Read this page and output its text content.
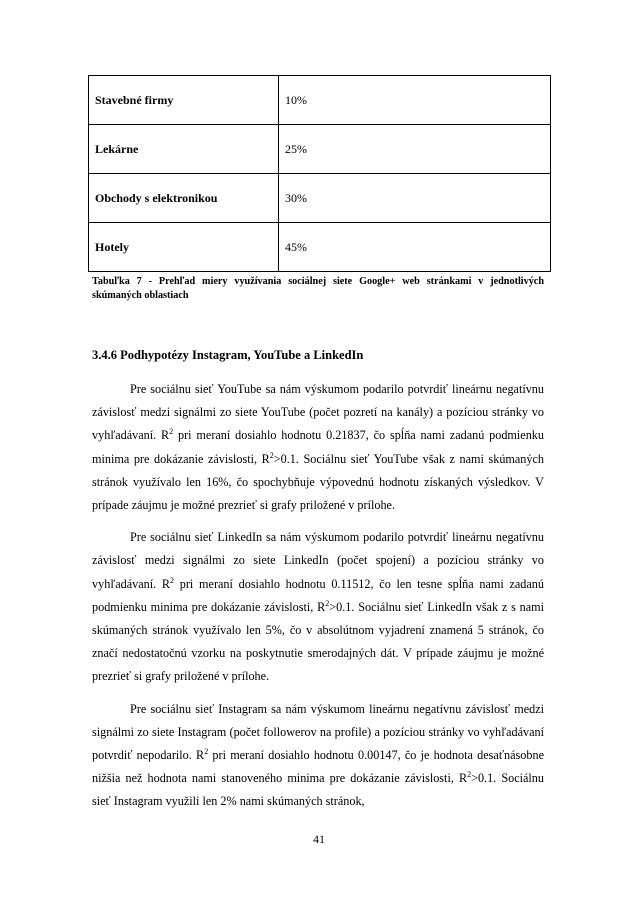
Stavebné firmy	10%
Lekárne	25%
Obchody s elektronikou	30%
Hotely	45%
Tabuľka 7 - Prehľad miery využívania sociálnej siete Google+ web stránkami v jednotlivých skúmaných oblastiach
3.4.6 Podhypotézy Instagram, YouTube a LinkedIn

Pre sociálnu sieť YouTube sa nám výskumom podarilo potvrdiť lineárnu negatívnu závislosť medzi signálmi zo siete YouTube (počet pozretí na kanály) a pozíciou stránky vo vyhľadávaní. $R^2$ pri meraní dosiahlo hodnotu 0.21837, čo spĺňa nami zadanú podmienku minima pre dokázanie závislosti, $R^2>0.1$. Sociálnu sieť YouTube však z nami skúmaných stránok využívalo len 16%, čo spochybňuje výpovednú hodnotu získaných výsledkov. V prípade záujmu je možné prezrieť si grafy priložené v prílohe.

Pre sociálnu sieť LinkedIn sa nám výskumom podarilo potvrdiť lineárnu negatívnu závislosť medzi signálmi zo siete LinkedIn (počet spojení) a pozíciou stránky vo vyhľadávaní. $R^2$ pri meraní dosiahlo hodnotu 0.11512, čo len tesne spĺňa nami zadanú podmienku minima pre dokázanie závislosti, $R^2>0.1$. Sociálnu sieť LinkedIn však z s nami skúmaných stránok využívalo len 5%, čo v absolútnom vyjadrení znamená 5 stránok, čo značí nedostatočnú vzorku na poskytnutie smerodajných dát. V prípade záujmu je možné prezrieť si grafy priložené v prílohe.

Pre sociálnu sieť Instagram sa nám výskumom lineárnu negatívnu závislosť medzi signálmi zo siete Instagram (počet followerov na profile) a pozíciou stránky vo vyhľadávaní potvrdiť nepodarilo. $R^2$ pri meraní dosiahlo hodnotu 0.00147, čo je hodnota desaťnásobne nižšia než hodnota nami stanoveného minima pre dokázanie závislosti, $R^2>0.1$. Sociálnu sieť Instagram využili len 2% nami skúmaných stránok,

41
